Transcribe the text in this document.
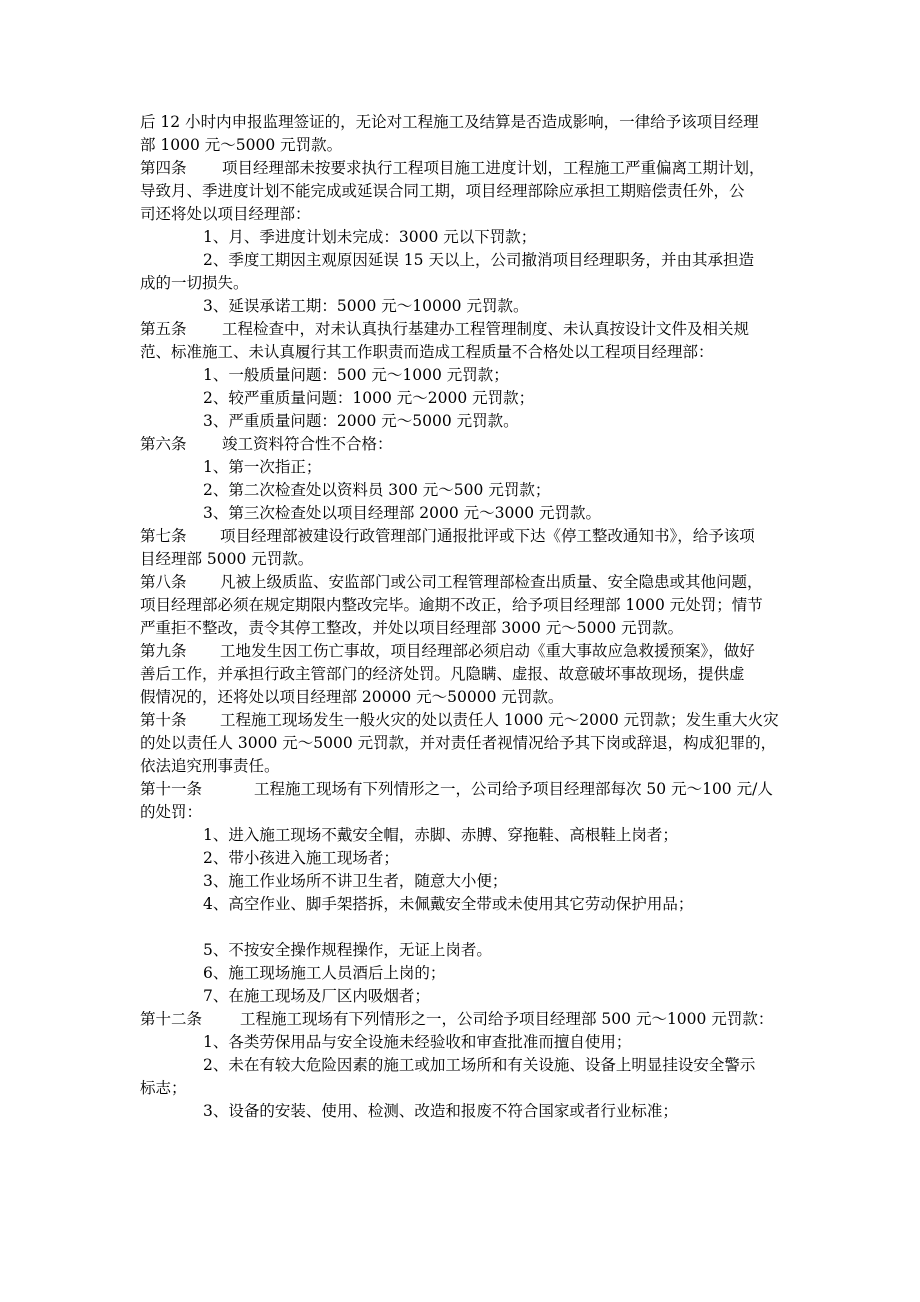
后 12 小时内申报监理签证的，无论对工程施工及结算是否造成影响，一律给予该项目经理
部 1000 元～5000 元罚款。
第四条 项目经理部未按要求执行工程项目施工进度计划，工程施工严重偏离工期计划，
导致月、季进度计划不能完成或延误合同工期，项目经理部除应承担工期赔偿责任外，公
司还将处以项目经理部：
1、月、季进度计划未完成：3000 元以下罚款；
2、季度工期因主观原因延误 15 天以上，公司撤消项目经理职务，并由其承担造
成的一切损失。
3、延误承诺工期：5000 元～10000 元罚款。
第五条 工程检查中，对未认真执行基建办工程管理制度、未认真按设计文件及相关规
范、标准施工、未认真履行其工作职责而造成工程质量不合格处以工程项目经理部：
1、一般质量问题：500 元～1000 元罚款；
2、较严重质量问题：1000 元～2000 元罚款；
3、严重质量问题：2000 元～5000 元罚款。
第六条 竣工资料符合性不合格：
1、第一次指正；
2、第二次检查处以资料员 300 元～500 元罚款；
3、第三次检查处以项目经理部 2000 元～3000 元罚款。
第七条 项目经理部被建设行政管理部门通报批评或下达《停工整改通知书》，给予该项
目经理部 5000 元罚款。
第八条 凡被上级质监、安监部门或公司工程管理部检查出质量、安全隐患或其他问题，
项目经理部必须在规定期限内整改完毕。逾期不改正，给予项目经理部 1000 元处罚；情节
严重拒不整改，责令其停工整改，并处以项目经理部 3000 元～5000 元罚款。
第九条 工地发生因工伤亡事故，项目经理部必须启动《重大事故应急救援预案》，做好
善后工作，并承担行政主管部门的经济处罚。凡隐瞒、虚报、故意破坏事故现场，提供虚
假情况的，还将处以项目经理部 20000 元～50000 元罚款。
第十条 工程施工现场发生一般火灾的处以责任人 1000 元～2000 元罚款；发生重大火灾
的处以责任人 3000 元～5000 元罚款，并对责任者视情况给予其下岗或辞退，构成犯罪的，
依法追究刑事责任。
第十一条	工程施工现场有下列情形之一，公司给予项目经理部每次 50 元～100 元/人
的处罚：
1、进入施工现场不戴安全帽，赤脚、赤膊、穿拖鞋、高根鞋上岗者；
2、带小孩进入施工现场者；
3、施工作业场所不讲卫生者，随意大小便；
4、高空作业、脚手架搭拆，未佩戴安全带或未使用其它劳动保护用品；
5、不按安全操作规程操作，无证上岗者。
6、施工现场施工人员酒后上岗的；
7、在施工现场及厂区内吸烟者；
第十二条 工程施工现场有下列情形之一，公司给予项目经理部 500 元～1000 元罚款：
1、各类劳保用品与安全设施未经验收和审查批准而擅自使用；
2、未在有较大危险因素的施工或加工场所和有关设施、设备上明显挂设安全警示
标志；
3、设备的安装、使用、检测、改造和报废不符合国家或者行业标准；
